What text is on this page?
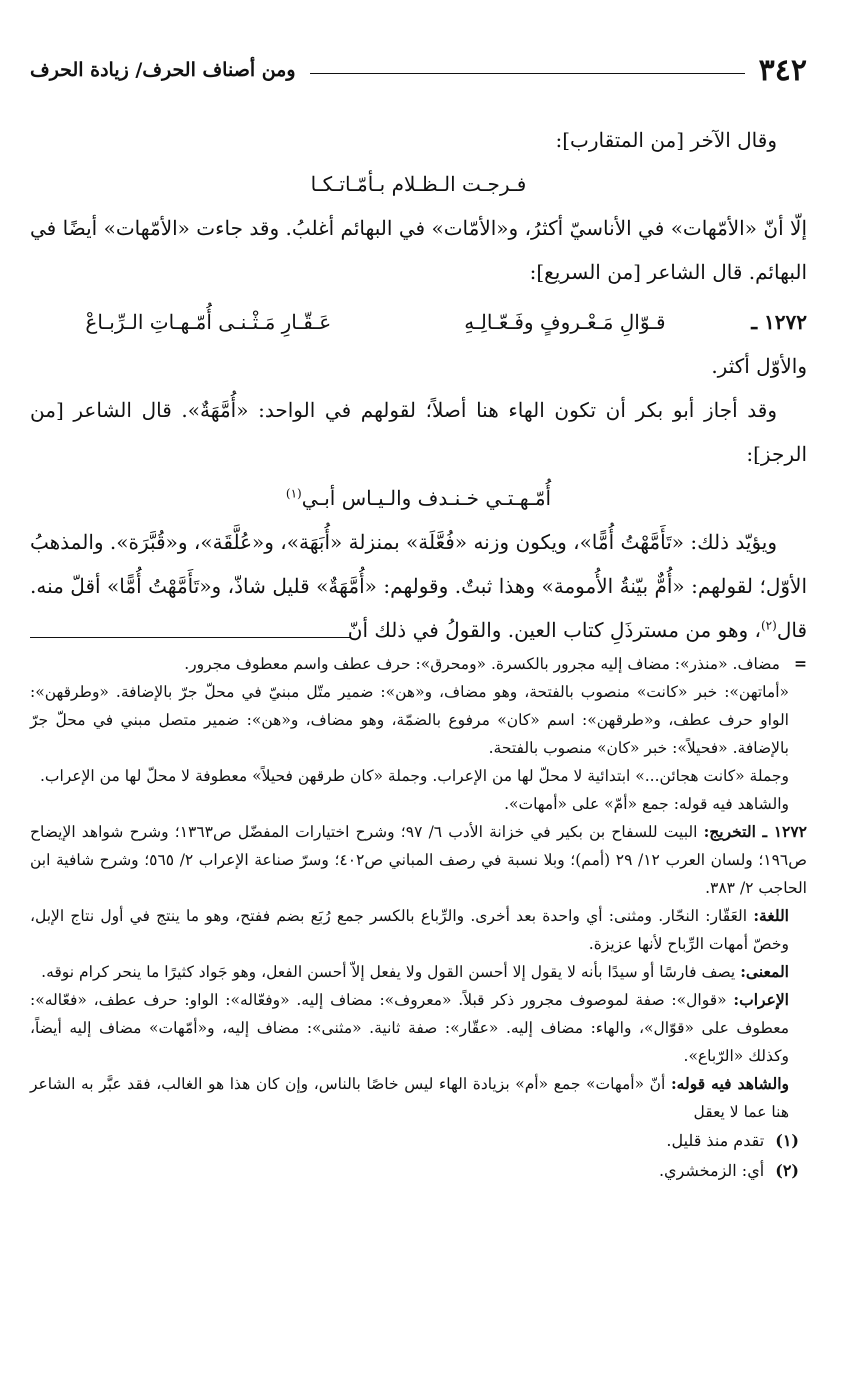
٣٤٢
ومن أصناف الحرف/ زيادة الحرف

وقال الآخر [من المتقارب]:

فـرجـت الـظـلام بـأمّـاتـكـا

إلّا أنّ «الأمّهات» في الأناسيّ أكثرُ، و«الأمّات» في البهائم أغلبُ. وقد جاءت «الأمّهات» أيضًا في البهائم. قال الشاعر [من السريع]:

١٢٧٢ ـ
قـوّالِ مَـعْـروفٍ وفَـعّـالِـهِ
عَـقّـارِ مَـثْـنـى أُمّـهـاتِ الـرِّبـاعْ

والأوّل أكثر.

وقد أجاز أبو بكر أن تكون الهاء هنا أصلاً؛ لقولهم في الواحد: «أُمَّهَةٌ». قال الشاعر [من الرجز]:

أُمّـهـتـي خـنـدف والـيـاس أبـي$^{(١)}$

ويؤيّد ذلك: «تَأَمَّهْتُ أُمًّا»، ويكون وزنه «فُعَّلَة» بمنزلة «أُبَهَة»، و«عُلَّقَة»، و«قُبَّرَة». والمذهبُ الأوّل؛ لقولهم: «أُمٌّ بيّنةُ الأُمومة» وهذا ثبتٌ. وقولهم: «أُمَّهَةٌ» قليل شاذّ، و«تَأَمَّهْتُ أُمًّا» أقلّ منه. قال$^{(٢)}$، وهو من مسترذَلِ كتاب العين. والقولُ في ذلك أنّ

=مضاف. «منذر»: مضاف إليه مجرور بالكسرة. «ومحرق»: حرف عطف واسم معطوف مجرور.

«أماتهن»: خبر «كانت» منصوب بالفتحة، وهو مضاف، و«هن»: ضمير متّل مبنيّ في محلّ جرّ بالإضافة. «وطرقهن»: الواو حرف عطف، و«طرقهن»: اسم «كان» مرفوع بالضمّة، وهو مضاف، و«هن»: ضمير متصل مبني في محلّ جرّ بالإضافة. «فحيلاً»: خبر «كان» منصوب بالفتحة.

وجملة «كانت هجائن...» ابتدائية لا محلّ لها من الإعراب. وجملة «كان طرقهن فحيلاً» معطوفة لا محلّ لها من الإعراب.

والشاهد فيه قوله: جمع «أمّ» على «أمهات».

١٢٧٢ ـ التخريج: البيت للسفاح بن بكير في خزانة الأدب ٦/ ٩٧؛ وشرح اختيارات المفضّل ص١٣٦٣؛ وشرح شواهد الإيضاح ص١٩٦؛ ولسان العرب ١٢/ ٢٩ (أمم)؛ وبلا نسبة في رصف المباني ص٤٠٢؛ وسرّ صناعة الإعراب ٢/ ٥٦٥؛ وشرح شافية ابن الحاجب ٢/ ٣٨٣.

اللغة: العَقّار: النحّار. ومثنى: أي واحدة بعد أخرى. والرِّباع بالكسر جمع رُبَع بضم ففتح، وهو ما ينتج في أول نتاج الإبل، وخصّ أمهات الرِّباح لأنها عزيزة.

المعنى: يصف فارسًا أو سيدًا بأنه لا يقول إلا أحسن القول ولا يفعل إلاّ أحسن الفعل، وهو جَواد كثيرًا ما ينحر كرام نوقه.

الإعراب: «قوال»: صفة لموصوف مجرور ذكر قبلاً. «معروف»: مضاف إليه. «وفعّاله»: الواو: حرف عطف، «فعّاله»: معطوف على «قوّال»، والهاء: مضاف إليه. «عقّار»: صفة ثانية. «مثنى»: مضاف إليه، و«أمّهات» مضاف إليه أيضاً، وكذلك «الرّباع».

والشاهد فيه قوله: أنّ «أمهات» جمع «أم» بزيادة الهاء ليس خاصًا بالناس، وإن كان هذا هو الغالب، فقد عبَّر به الشاعر هنا عما لا يعقل

(١) تقدم منذ قليل.

(٢) أي: الزمخشري.
